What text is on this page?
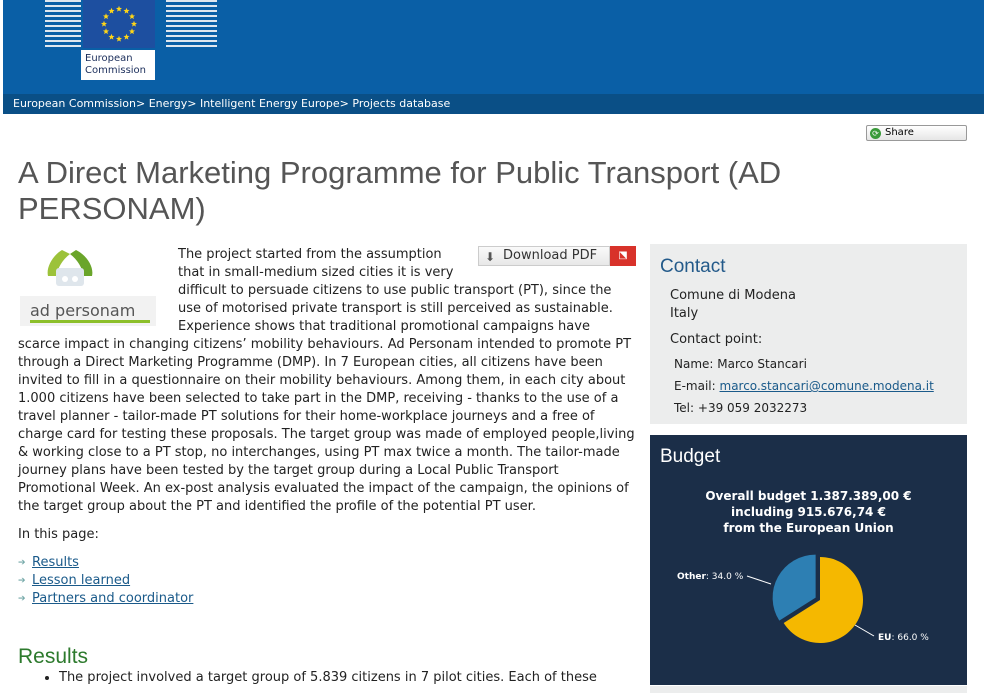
European
Commission
European Commission> Energy> Intelligent Energy Europe> Projects database
⟳ Share
A Direct Marketing Programme for Public Transport (AD PERSONAM)
ad personam
⬇ Download PDF	⬔

The project started from the assumption that in small-medium sized cities it is very difficult to persuade citizens to use public transport (PT), since the use of motorised private transport is still perceived as sustainable. Experience shows that traditional promotional campaigns have scarce impact in changing citizens’ mobility behaviours. Ad Personam intended to promote PT through a Direct Marketing Programme (DMP). In 7 European cities, all citizens have been invited to fill in a questionnaire on their mobility behaviours. Among them, in each city about 1.000 citizens have been selected to take part in the DMP, receiving - thanks to the use of a travel planner - tailor-made PT solutions for their home-workplace journeys and a free of charge card for testing these proposals. The target group was made of employed people,living & working close to a PT stop, no interchanges, using PT max twice a month. The tailor-made journey plans have been tested by the target group during a Local Public Transport Promotional Week. An ex-post analysis evaluated the impact of the campaign, the opinions of the target group about the PT and identified the profile of the potential PT user.

In this page:

➔ Results
➔ Lesson learned
➔ Partners and coordinator
Results
• The project involved a target group of 5.839 citizens in 7 pilot cities. Each of these
Contact
Comune di Modena
Italy
Contact point:
Name: Marco Stancari
E-mail: marco.stancari@comune.modena.it
Tel: +39 059 2032273
Budget
Overall budget 1.387.389,00 €
including 915.676,74 €
from the European Union
Other: 34.0 %
EU: 66.0 %
